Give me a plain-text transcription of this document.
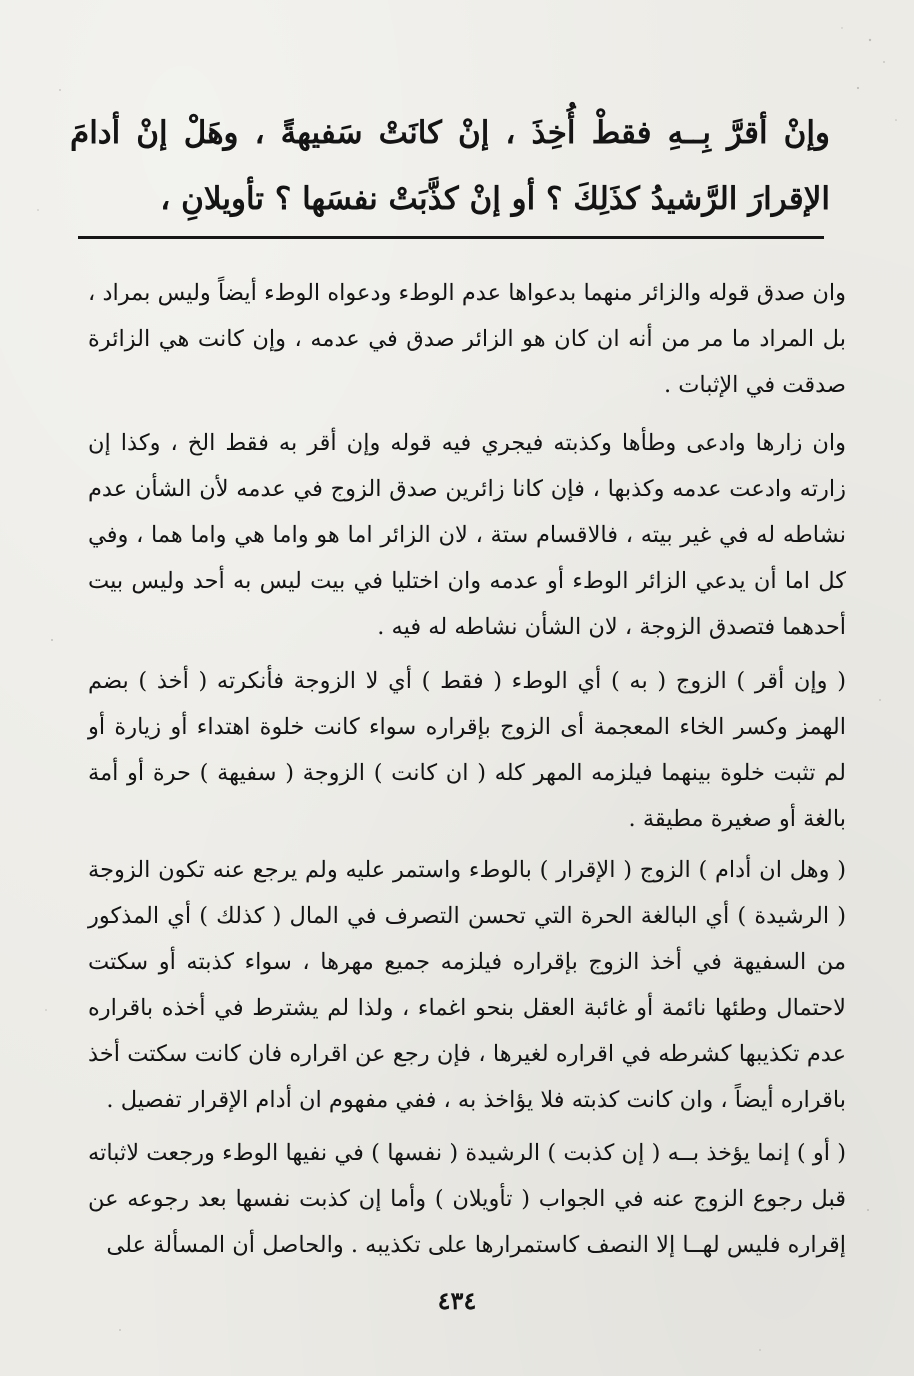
وإنْ أقرَّ بِــهِ فقطْ أُخِذَ ، إنْ كانَتْ سَفيهةً ، وهَلْ إنْ أدامَ الإقرارَ الرَّشيدُ كذَلِكَ ؟ أو إنْ كذَّبَتْ نفسَها ؟ تأويلانِ ،

وان صدق قوله والزائر منهما بدعواها عدم الوطء ودعواه الوطء أيضاً وليس بمراد ، بل المراد ما مر من أنه ان كان هو الزائر صدق في عدمه ، وإن كانت هي الزائرة صدقت في الإثبات .

وان زارها وادعى وطأها وكذبته فيجري فيه قوله وإن أقر به فقط الخ ، وكذا إن زارته وادعت عدمه وكذبها ، فإن كانا زائرين صدق الزوج في عدمه لأن الشأن عدم نشاطه له في غير بيته ، فالاقسام ستة ، لان الزائر اما هو واما هي واما هما ، وفي كل اما أن يدعي الزائر الوطء أو عدمه وان اختليا في بيت ليس به أحد وليس بيت أحدهما فتصدق الزوجة ، لان الشأن نشاطه له فيه .

( وإن أقر ) الزوج ( به ) أي الوطء ( فقط ) أي لا الزوجة فأنكرته ( أخذ ) بضم الهمز وكسر الخاء المعجمة أى الزوج بإقراره سواء كانت خلوة اهتداء أو زيارة أو لم تثبت خلوة بينهما فيلزمه المهر كله ( ان كانت ) الزوجة ( سفيهة ) حرة أو أمة بالغة أو صغيرة مطيقة .

( وهل ان أدام ) الزوج ( الإقرار ) بالوطء واستمر عليه ولم يرجع عنه تكون الزوجة ( الرشيدة ) أي البالغة الحرة التي تحسن التصرف في المال ( كذلك ) أي المذكور من السفيهة في أخذ الزوج بإقراره فيلزمه جميع مهرها ، سواء كذبته أو سكتت لاحتمال وطئها نائمة أو غائبة العقل بنحو اغماء ، ولذا لم يشترط في أخذه باقراره عدم تكذيبها كشرطه في اقراره لغيرها ، فإن رجع عن اقراره فان كانت سكتت أخذ باقراره أيضاً ، وان كانت كذبته فلا يؤاخذ به ، ففي مفهوم ان أدام الإقرار تفصيل .

( أو ) إنما يؤخذ بــه ( إن كذبت ) الرشيدة ( نفسها ) في نفيها الوطء ورجعت لاثباته قبل رجوع الزوج عنه في الجواب ( تأويلان ) وأما إن كذبت نفسها بعد رجوعه عن إقراره فليس لهــا إلا النصف كاستمرارها على تكذيبه . والحاصل أن المسألة على

٤٣٤
